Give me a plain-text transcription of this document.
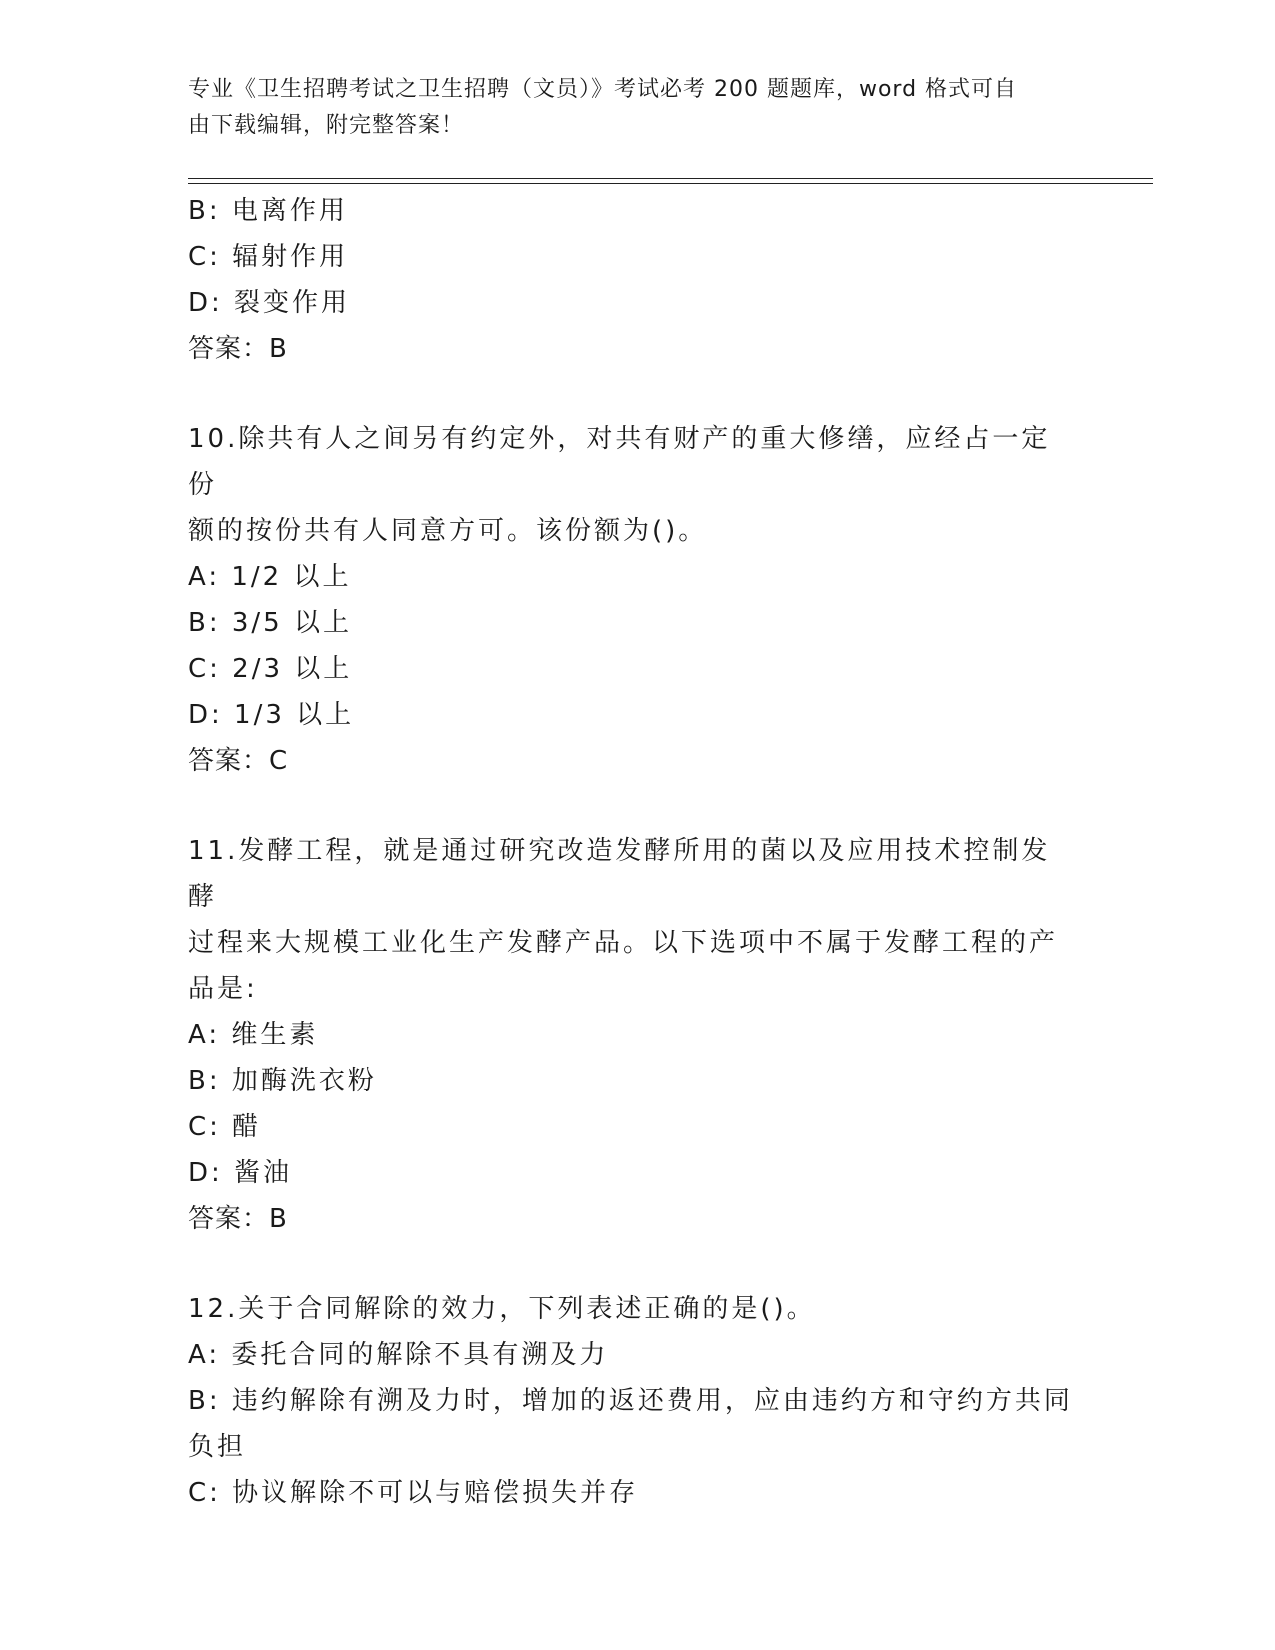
专业《卫生招聘考试之卫生招聘（文员）》考试必考 200 题题库，word 格式可自
由下载编辑，附完整答案！
B: 电离作用
C: 辐射作用
D: 裂变作用
答案：B
10.除共有人之间另有约定外，对共有财产的重大修缮，应经占一定份
额的按份共有人同意方可。该份额为()。
A: 1/2 以上
B: 3/5 以上
C: 2/3 以上
D: 1/3 以上
答案：C
11.发酵工程，就是通过研究改造发酵所用的菌以及应用技术控制发酵
过程来大规模工业化生产发酵产品。以下选项中不属于发酵工程的产
品是:
A: 维生素
B: 加酶洗衣粉
C: 醋
D: 酱油
答案：B
12.关于合同解除的效力，下列表述正确的是()。
A: 委托合同的解除不具有溯及力
B: 违约解除有溯及力时，增加的返还费用，应由违约方和守约方共同
负担
C: 协议解除不可以与赔偿损失并存
